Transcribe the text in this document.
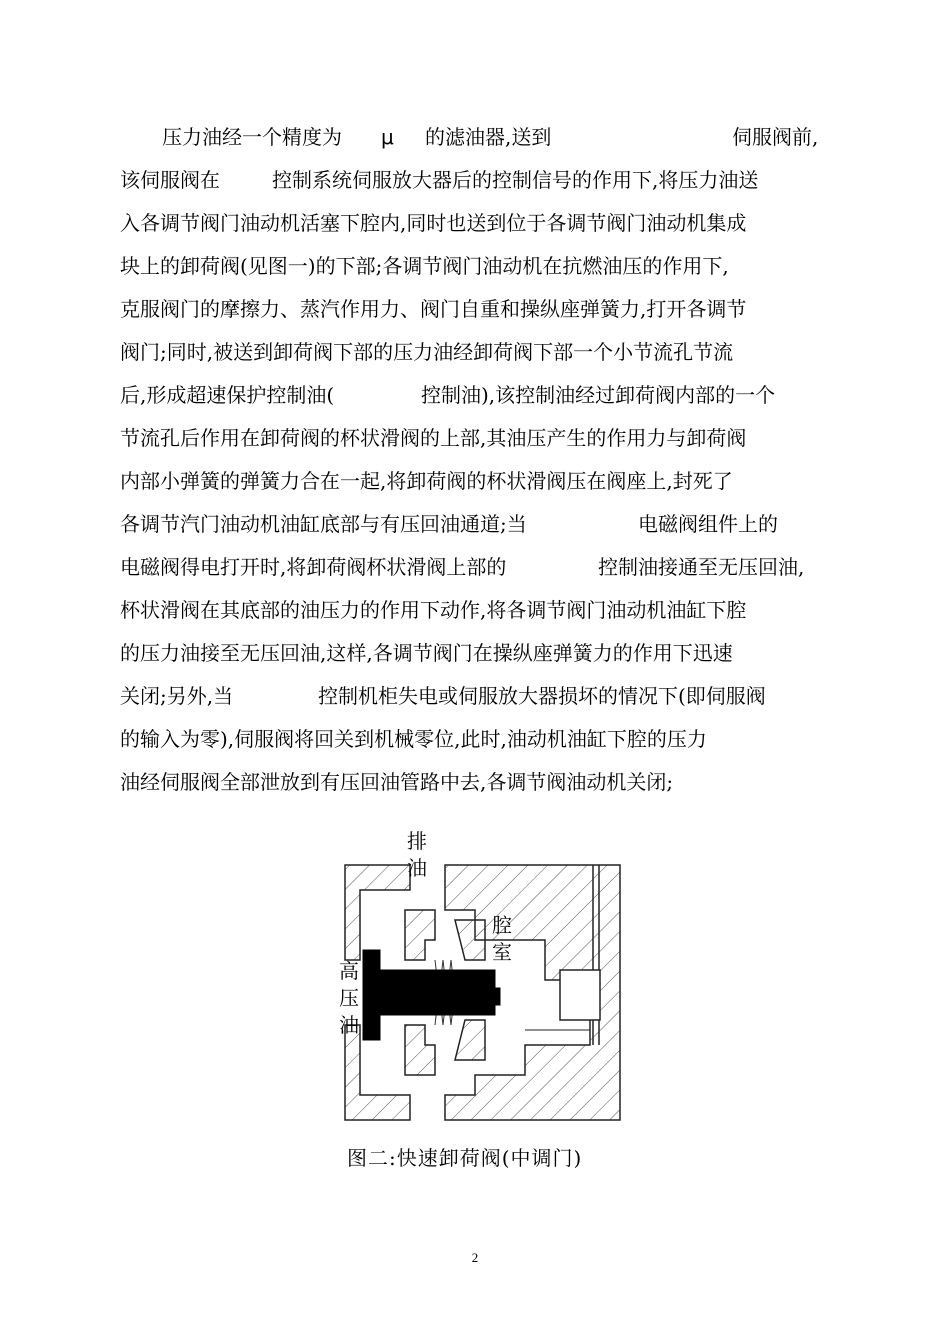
压力油经一个精度为

μ

的滤油器,送到

	伺服阀前,

该伺服阀在

	控制系统伺服放大器后的控制信号的作用下,将压力油送

入各调节阀门油动机活塞下腔内,同时也送到位于各调节阀门油动机集成

块上的卸荷阀(见图一)的下部;各调节阀门油动机在抗燃油压的作用下,

克服阀门的摩擦力、蒸汽作用力、阀门自重和操纵座弹簧力,打开各调节

阀门;同时,被送到卸荷阀下部的压力油经卸荷阀下部一个小节流孔节流

后,形成超速保护控制油(

	控制油),该控制油经过卸荷阀内部的一个

节流孔后作用在卸荷阀的杯状滑阀的上部,其油压产生的作用力与卸荷阀

内部小弹簧的弹簧力合在一起,将卸荷阀的杯状滑阀压在阀座上,封死了

各调节汽门油动机油缸底部与有压回油通道;当

	电磁阀组件上的

电磁阀得电打开时,将卸荷阀杯状滑阀上部的

	控制油接通至无压回油,

杯状滑阀在其底部的油压力的作用下动作,将各调节阀门油动机油缸下腔

的压力油接至无压回油,这样,各调节阀门在操纵座弹簧力的作用下迅速

关闭;另外,当

	控制机柜失电或伺服放大器损坏的情况下(即伺服阀

的输入为零),伺服阀将回关到机械零位,此时,油动机油缸下腔的压力

油经伺服阀全部泄放到有压回油管路中去,各调节阀油动机关闭;

排
油
腔
室
高
压
油
图二:快速卸荷阀(中调门)
2
